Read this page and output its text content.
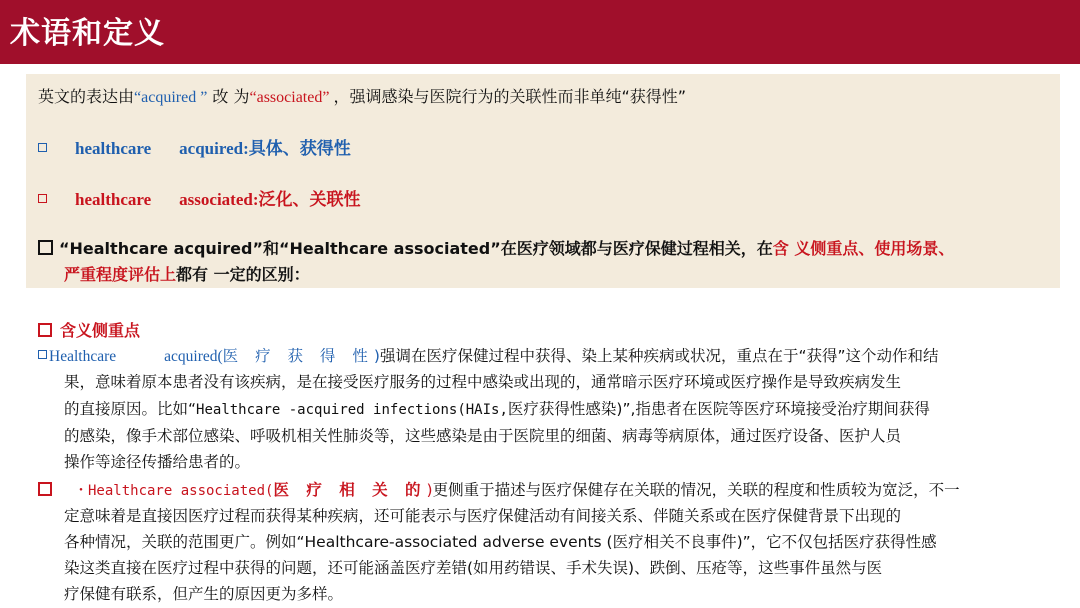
术语和定义
英文的表达由“acquired ” 改 为“associated” ，强调感染与医院行为的关联性而非单纯“获得性”
healthcare acquired:具体、获得性
healthcare associated:泛化、关联性
“Healthcare acquired”和“Healthcare associated”在医疗领域都与医疗保健过程相关，在含 义侧重点、使用场景、
严重程度评估上都有 一定的区别：
含义侧重点
Healthcare	acquired(医 疗 获 得 性)强调在医疗保健过程中获得、染上某种疾病或状况，重点在于“获得”这个动作和结
果，意味着原本患者没有该疾病，是在接受医疗服务的过程中感染或出现的，通常暗示医疗环境或医疗操作是导致疾病发生
的直接原因。比如“Healthcare -acquired infections(HAIs,医疗获得性感染)”,指患者在医院等医疗环境接受治疗期间获得
的感染，像手术部位感染、呼吸机相关性肺炎等，这些感染是由于医院里的细菌、病毒等病原体，通过医疗设备、医护人员
操作等途径传播给患者的。
・Healthcare associated(医 疗 相 关 的)更侧重于描述与医疗保健存在关联的情况，关联的程度和性质较为宽泛，不一
定意味着是直接因医疗过程而获得某种疾病，还可能表示与医疗保健活动有间接关系、伴随关系或在医疗保健背景下出现的
各种情况，关联的范围更广。例如“Healthcare-associated adverse events (医疗相关不良事件)”，它不仅包括医疗获得性感
染这类直接在医疗过程中获得的问题，还可能涵盖医疗差错(如用药错误、手术失误)、跌倒、压疮等，这些事件虽然与医
疗保健有联系，但产生的原因更为多样。
